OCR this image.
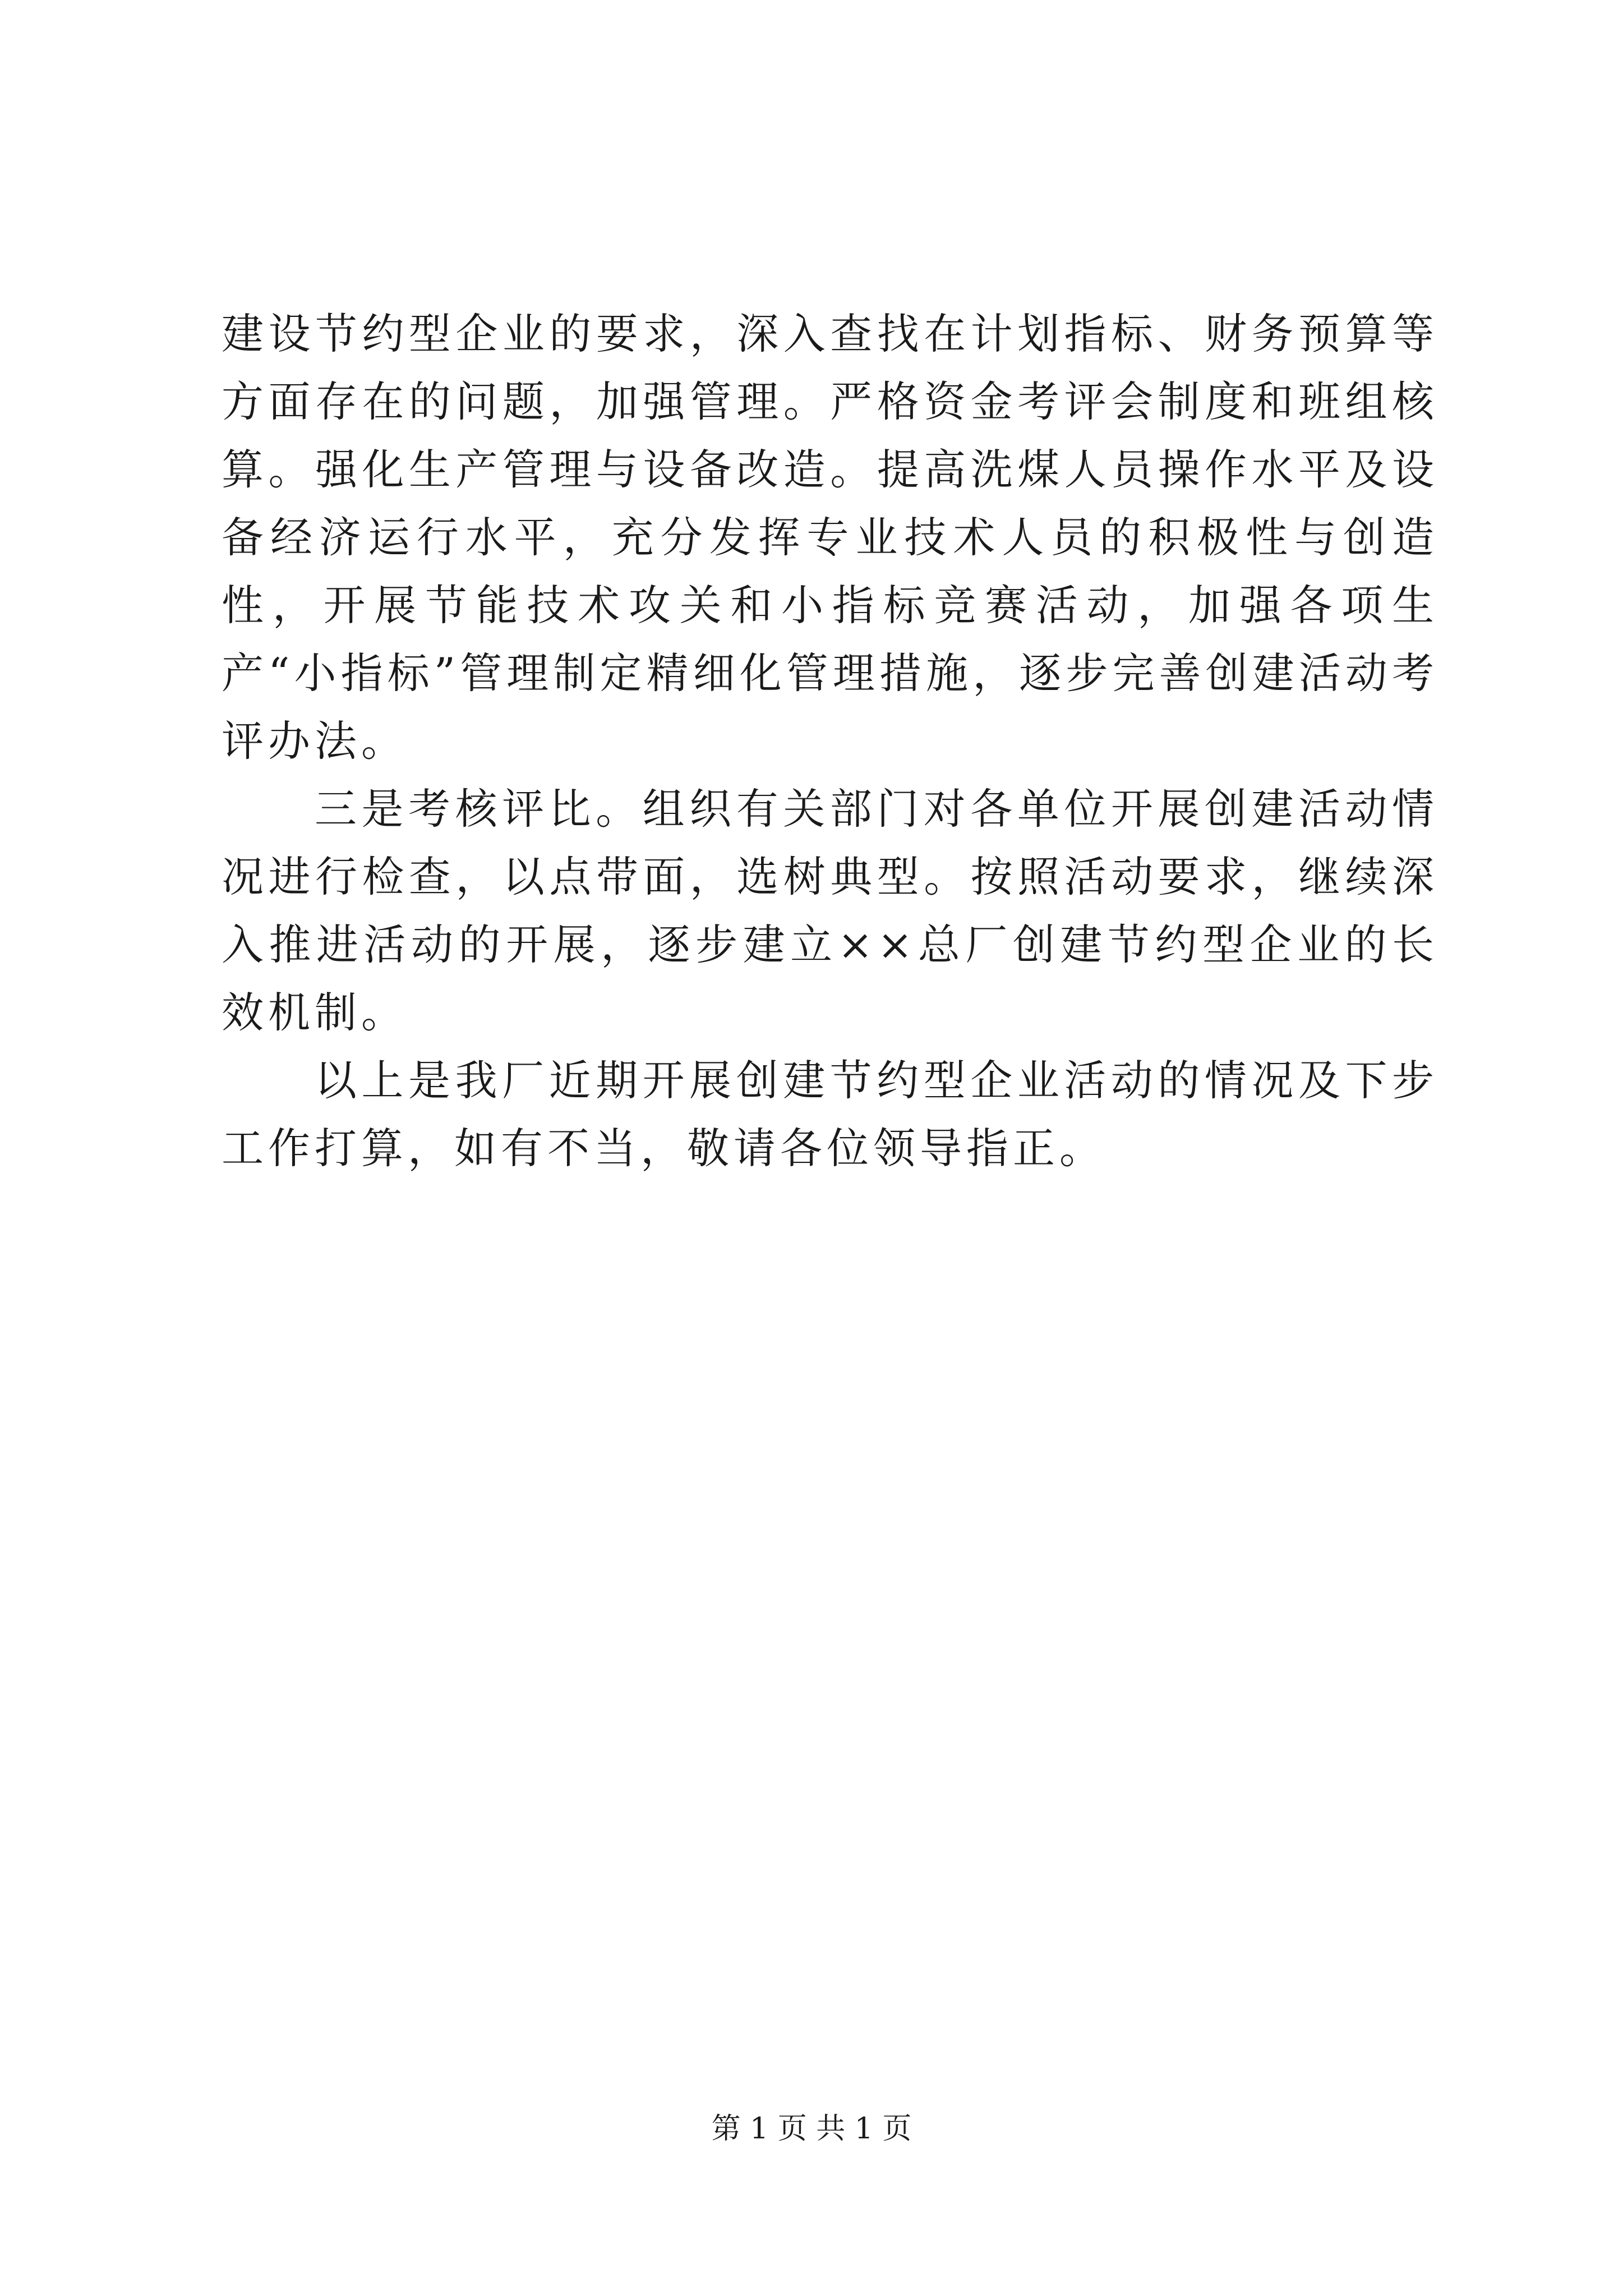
建设节约型企业的要求，深入查找在计划指标、财务预算等方面存在的问题，加强管理。严格资金考评会制度和班组核算。强化生产管理与设备改造。提高洗煤人员操作水平及设备经济运行水平，充分发挥专业技术人员的积极性与创造性，开展节能技术攻关和小指标竞赛活动，加强各项生产“小指标”管理制定精细化管理措施，逐步完善创建活动考评办法。

三是考核评比。组织有关部门对各单位开展创建活动情况进行检查，以点带面，选树典型。按照活动要求，继续深入推进活动的开展，逐步建立××总厂创建节约型企业的长效机制。

以上是我厂近期开展创建节约型企业活动的情况及下步工作打算，如有不当，敬请各位领导指正。

第 1 页 共 1 页
